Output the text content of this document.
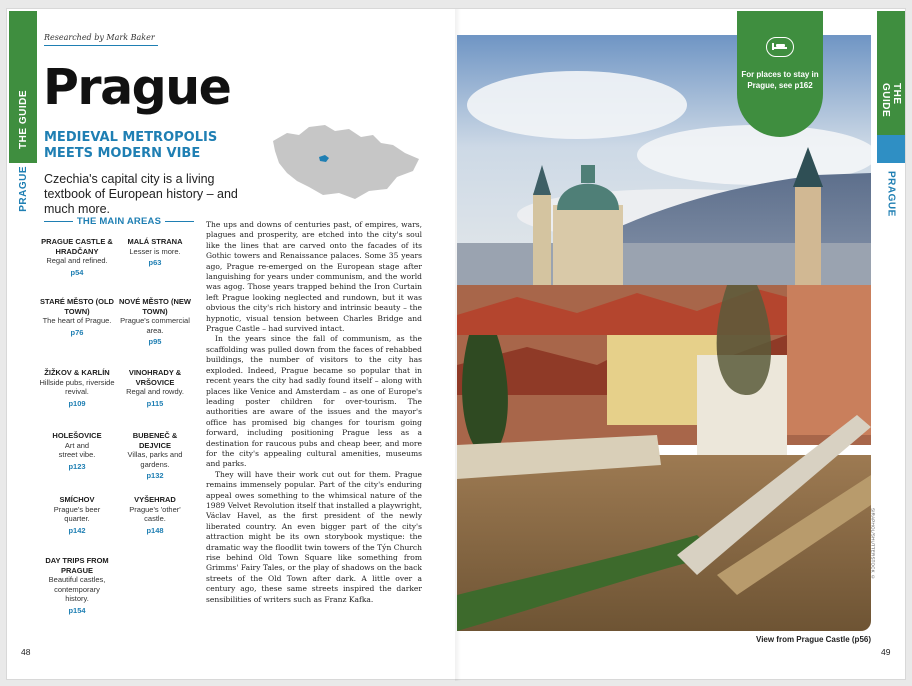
THE GUIDE
PRAGUE
Researched by Mark Baker
Prague
MEDIEVAL METROPOLIS MEETS MODERN VIBE
Czechia's capital city is a living textbook of European history – and much more.
THE MAIN AREAS
PRAGUE CASTLE & HRADČANY
Regal and refined.
p54
MALÁ STRANA
Lesser is more.
p63
STARÉ MĚSTO (OLD TOWN)
The heart of Prague.
p76
NOVÉ MĚSTO (NEW TOWN)
Prague's commercial area.
p95
ŽIŽKOV & KARLÍN
Hillside pubs, riverside revival.
p109
VINOHRADY & VRŠOVICE
Regal and rowdy.
p115
HOLEŠOVICE
Art and street vibe.
p123
BUBENEČ & DEJVICE
Villas, parks and gardens.
p132
SMÍCHOV
Prague's beer quarter.
p142
VYŠEHRAD
Prague's 'other' castle.
p148
DAY TRIPS FROM PRAGUE
Beautiful castles, contemporary history.
p154

The ups and downs of centuries past, of empires, wars, plagues and prosperity, are etched into the city's soul like the lines that are carved onto the facades of its Gothic towers and Renaissance palaces. Some 35 years ago, Prague re-emerged on the European stage after languishing for years under communism, and the world was agog. Those years trapped behind the Iron Curtain left Prague looking neglected and rundown, but it was obvious the city's rich history and intrinsic beauty – the hypnotic, visual tension between Charles Bridge and Prague Castle – had survived intact.

In the years since the fall of communism, as the scaffolding was pulled down from the faces of rehabbed buildings, the number of visitors to the city has exploded. Indeed, Prague became so popular that in recent years the city had sadly found itself – along with places like Venice and Amsterdam – as one of Europe's leading poster children for over-tourism. The authorities are aware of the issues and the mayor's office has promised big changes for tourism going forward, including positioning Prague less as a destination for raucous pubs and cheap beer, and more for the city's appealing cultural amenities, museums and parks.

They will have their work cut out for them. Prague remains immensely popular. Part of the city's enduring appeal owes something to the whimsical nature of the 1989 Velvet Revolution itself that installed a playwright, Václav Havel, as the first president of the newly liberated country. An even bigger part of the city's attraction might be its own storybook mystique: the dramatic way the floodlit twin towers of the Týn Church rise behind Old Town Square like something from Grimms' Fairy Tales, or the play of shadows on the back streets of the Old Town after dark. A little over a century ago, these same streets inspired the darker sensibilities of writers such as Franz Kafka.

48
SIRAPHOL/SHUTTERSTOCK ©
View from Prague Castle (p56)
For places to stay in Prague, see p162	THE GUIDE
PRAGUE
49
